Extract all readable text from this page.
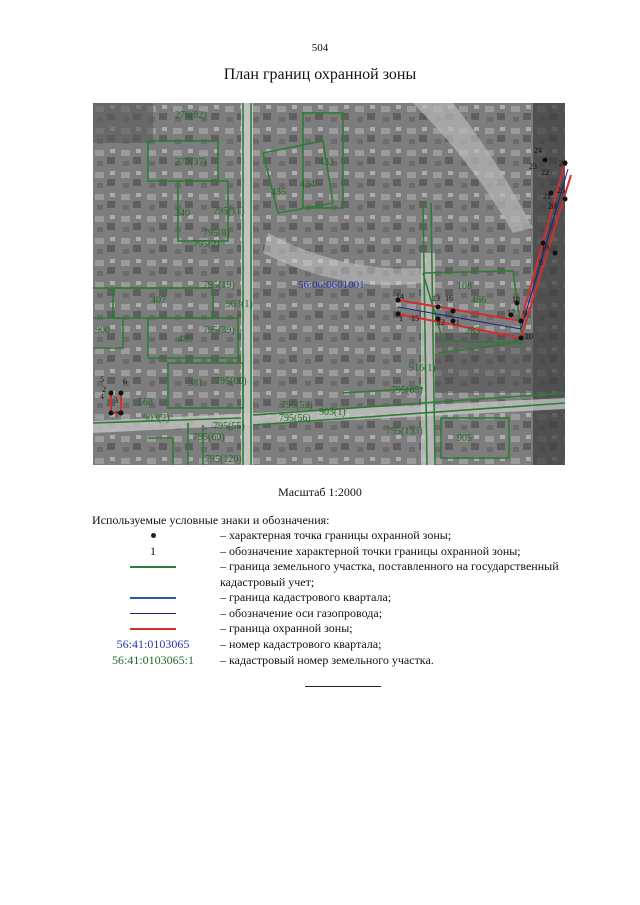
504
План границ охранной зоны
56:06:0601001
278(82)
272(37)
340 795(11)
795(8)
795(2)
435
434
433
407
795(19)
903(1)
900	795(39)
480
381 795(60)
568
903(2)
795(55)
795(53)
795(56)
903(1)
795(60)
795(120)
795(133)
905
916(1)
795(85)
108
466
283
1
2
3
4
5 6
7
8
9
10
11
12
13
14
15
16
17
18
19
20
21
22
23
24
25
26
Масштаб 1:2000
Используемые условные знаки и обозначения:
– характерная точка границы охранной зоны;
1	– обозначение характерной точки границы охранной зоны;
– граница земельного участка, поставленного на государственный кадастровый учет;
– граница кадастрового квартала;
– обозначение оси газопровода;
– граница охранной зоны;
56:41:0103065	– номер кадастрового квартала;
56:41:0103065:1 – кадастровый номер земельного участка.
